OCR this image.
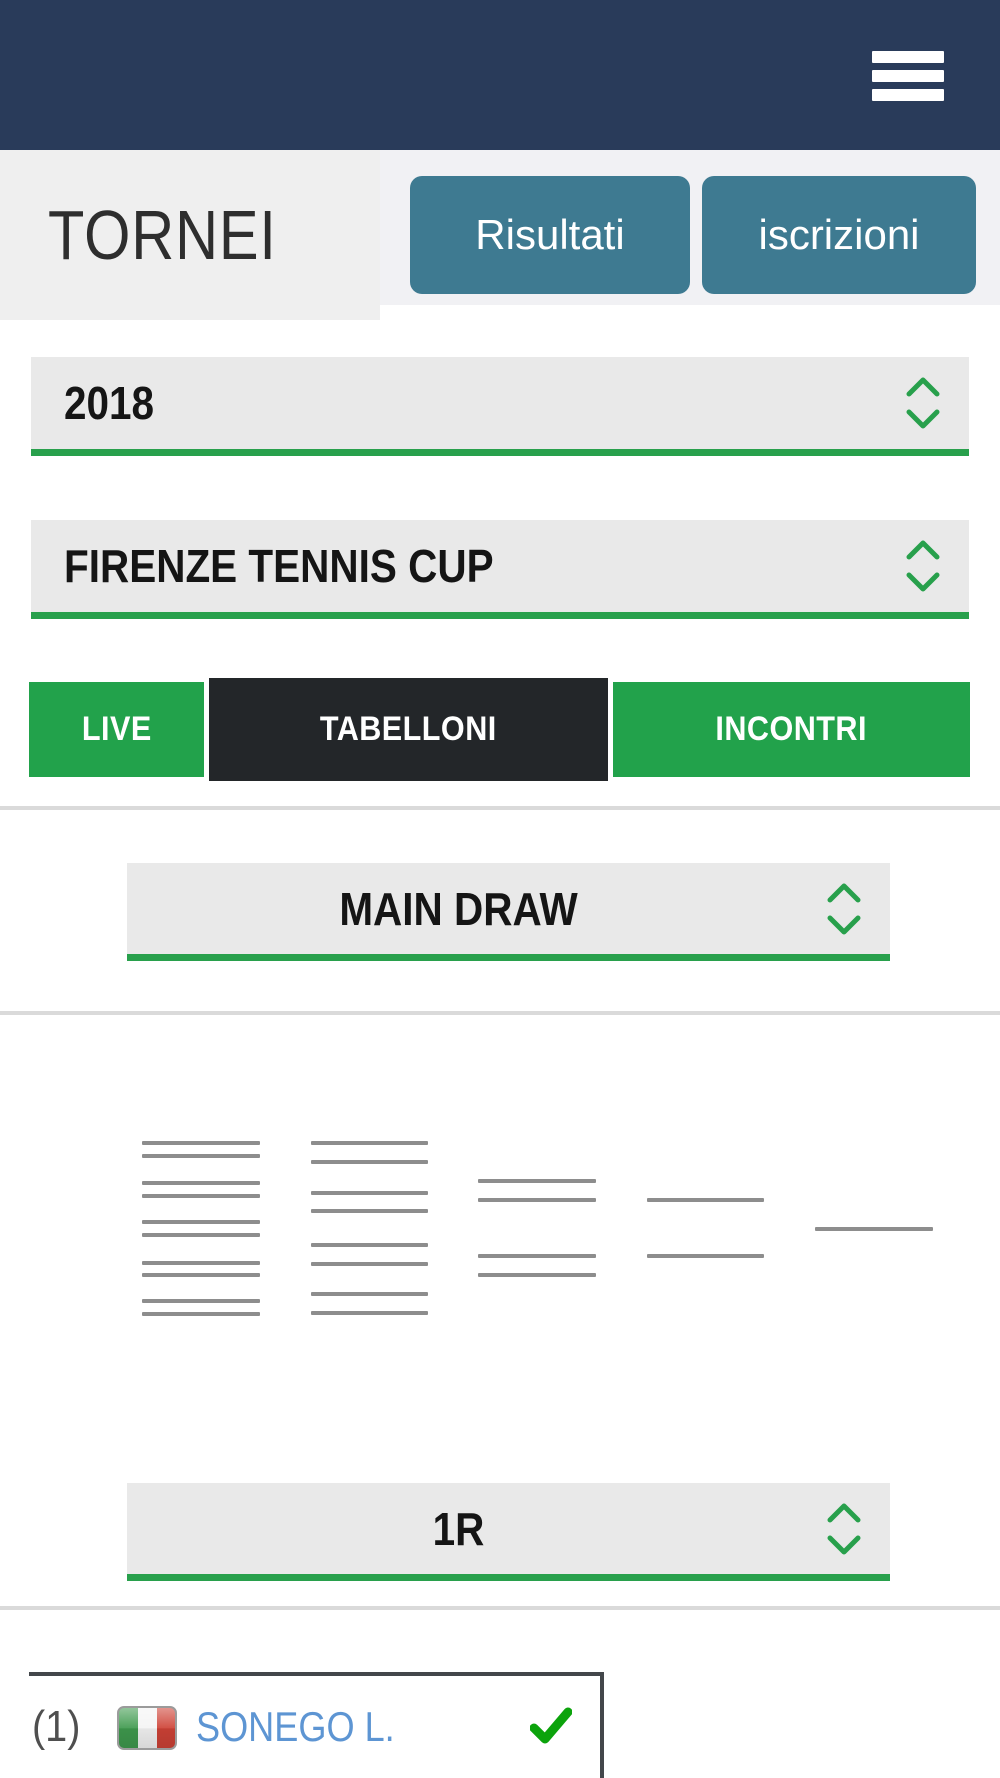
TORNEI	Risultati	iscrizioni
2018
FIRENZE TENNIS CUP
LIVE	TABELLONI	INCONTRI
MAIN DRAW
1R
(1)	SONEGO L.
